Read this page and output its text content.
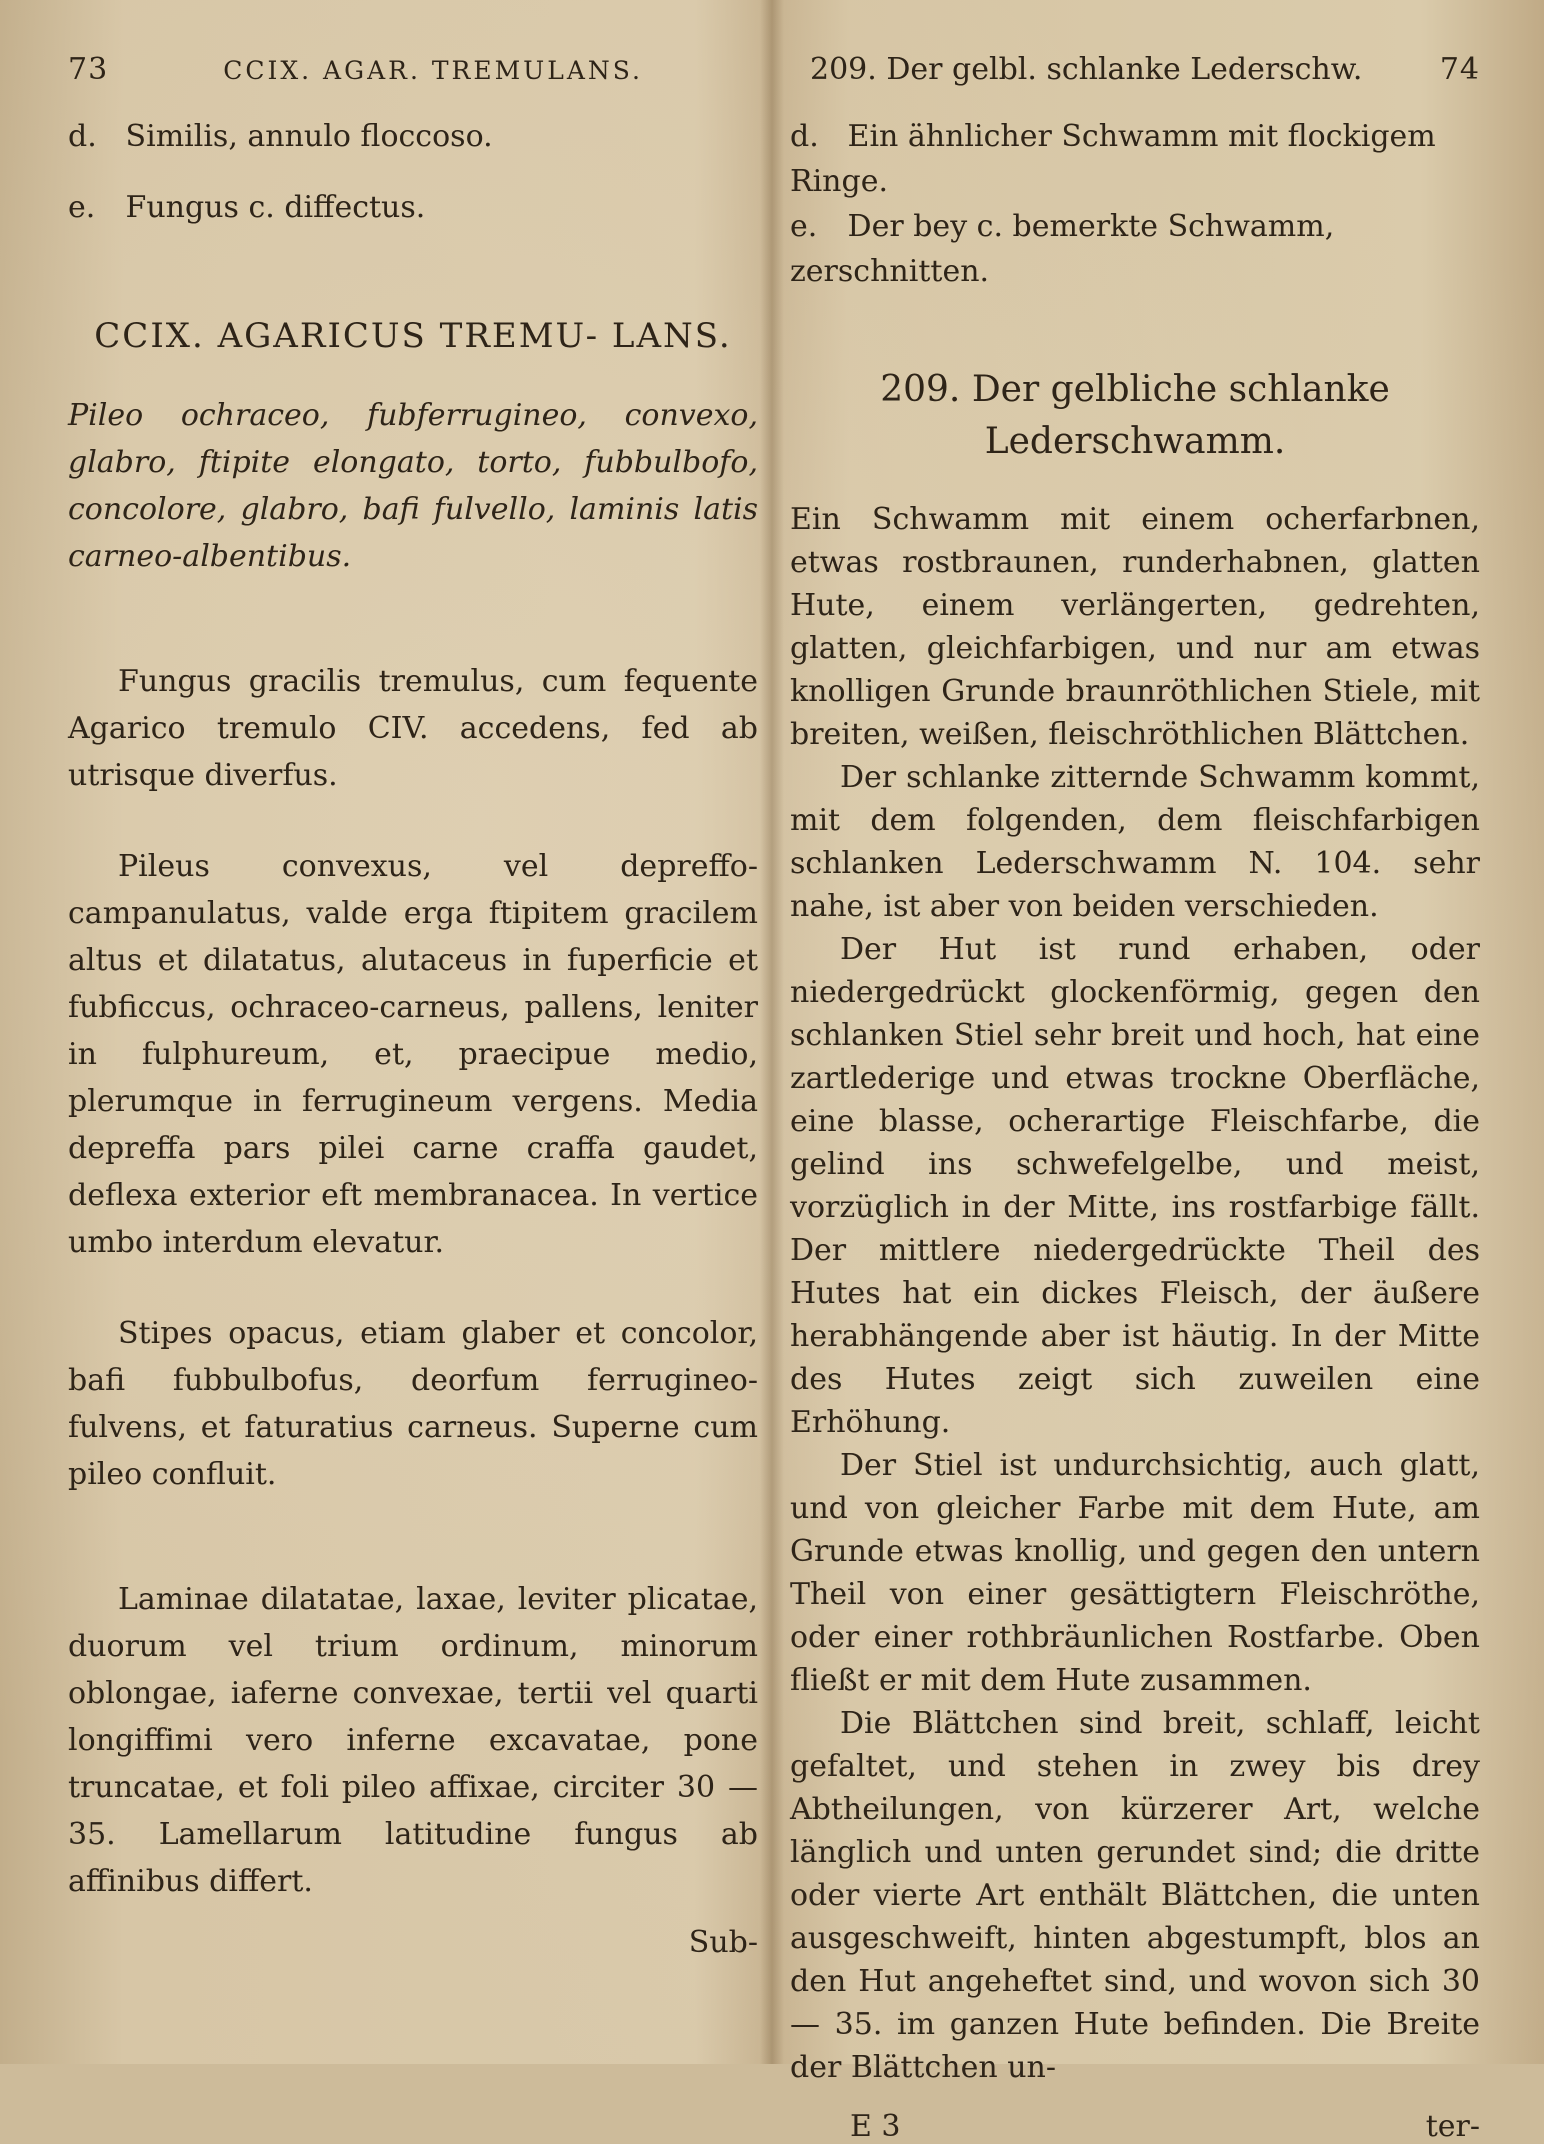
73	CCIX. AGAR. TREMULANS.

d. Similis, annulo floccoso.

e. Fungus c. diffectus.

CCIX. AGARICUS TREMU- LANS.

Pileo ochraceo, fubferrugineo, convexo, glabro, ftipite elongato, torto, fubbulbofo, concolore, glabro, bafi fulvello, laminis latis carneo-albentibus.

Fungus gracilis tremulus, cum fequente Agarico tremulo CIV. accedens, fed ab utrisque diverfus.

Pileus convexus, vel depreffo-campanulatus, valde erga ftipitem gracilem altus et dilatatus, alutaceus in fuperficie et fubficcus, ochraceo-carneus, pallens, leniter in fulphureum, et, praecipue medio, plerumque in ferrugineum vergens. Media depreffa pars pilei carne craffa gaudet, deflexa exterior eft membranacea. In vertice umbo interdum elevatur.

Stipes opacus, etiam glaber et concolor, bafi fubbulbofus, deorfum ferrugineo-fulvens, et faturatius carneus. Superne cum pileo confluit.

Laminae dilatatae, laxae, leviter plicatae, duorum vel trium ordinum, minorum oblongae, iaferne convexae, tertii vel quarti longiffimi vero inferne excavatae, pone truncatae, et foli pileo affixae, circiter 30 — 35. Lamellarum latitudine fungus ab affinibus differt.

Sub-
209. Der gelbl. schlanke Lederschw.	74

d. Ein ähnlicher Schwamm mit flockigem Ringe.

e. Der bey c. bemerkte Schwamm, zerschnitten.

209. Der gelbliche schlanke Lederschwamm.

Ein Schwamm mit einem ocherfarbnen, etwas rostbraunen, runderhabnen, glatten Hute, einem verlängerten, gedrehten, glatten, gleichfarbigen, und nur am etwas knolligen Grunde braunröthlichen Stiele, mit breiten, weißen, fleischröthlichen Blättchen.

Der schlanke zitternde Schwamm kommt, mit dem folgenden, dem fleischfarbigen schlanken Lederschwamm N. 104. sehr nahe, ist aber von beiden verschieden.

Der Hut ist rund erhaben, oder niedergedrückt glockenförmig, gegen den schlanken Stiel sehr breit und hoch, hat eine zartlederige und etwas trockne Oberfläche, eine blasse, ocherartige Fleischfarbe, die gelind ins schwefelgelbe, und meist, vorzüglich in der Mitte, ins rostfarbige fällt. Der mittlere niedergedrückte Theil des Hutes hat ein dickes Fleisch, der äußere herabhängende aber ist häutig. In der Mitte des Hutes zeigt sich zuweilen eine Erhöhung.

Der Stiel ist undurchsichtig, auch glatt, und von gleicher Farbe mit dem Hute, am Grunde etwas knollig, und gegen den untern Theil von einer gesättigtern Fleischröthe, oder einer rothbräunlichen Rostfarbe. Oben fließt er mit dem Hute zusammen.

Die Blättchen sind breit, schlaff, leicht gefaltet, und stehen in zwey bis drey Abtheilungen, von kürzerer Art, welche länglich und unten gerundet sind; die dritte oder vierte Art enthält Blättchen, die unten ausgeschweift, hinten abgestumpft, blos an den Hut angeheftet sind, und wovon sich 30 — 35. im ganzen Hute befinden. Die Breite der Blättchen un-

E 3	ter-
